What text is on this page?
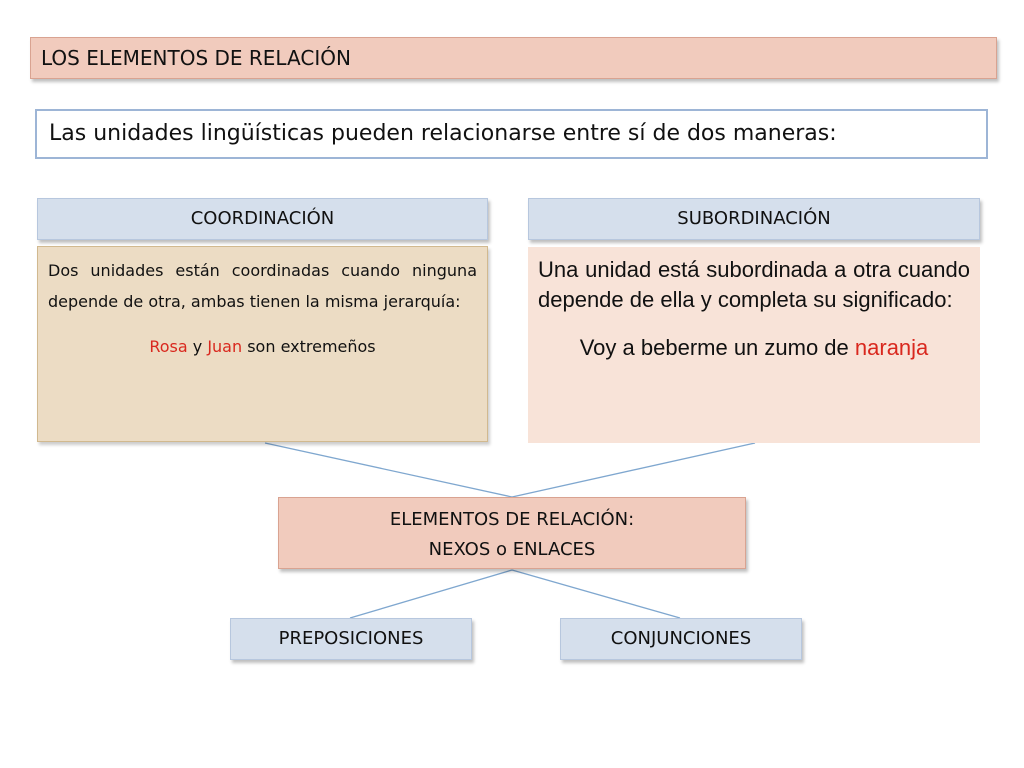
LOS ELEMENTOS DE RELACIÓN
Las unidades lingüísticas pueden relacionarse entre sí de dos maneras:
COORDINACIÓN	SUBORDINACIÓN
Dos unidades están coordinadas cuando ninguna depende de otra, ambas tienen la misma jerarquía:
Rosa y Juan son extremeños
Una unidad está subordinada a otra cuando depende de ella y completa su significado:
Voy a beberme un zumo de naranja
ELEMENTOS DE RELACIÓN:
NEXOS o ENLACES
PREPOSICIONES	CONJUNCIONES
